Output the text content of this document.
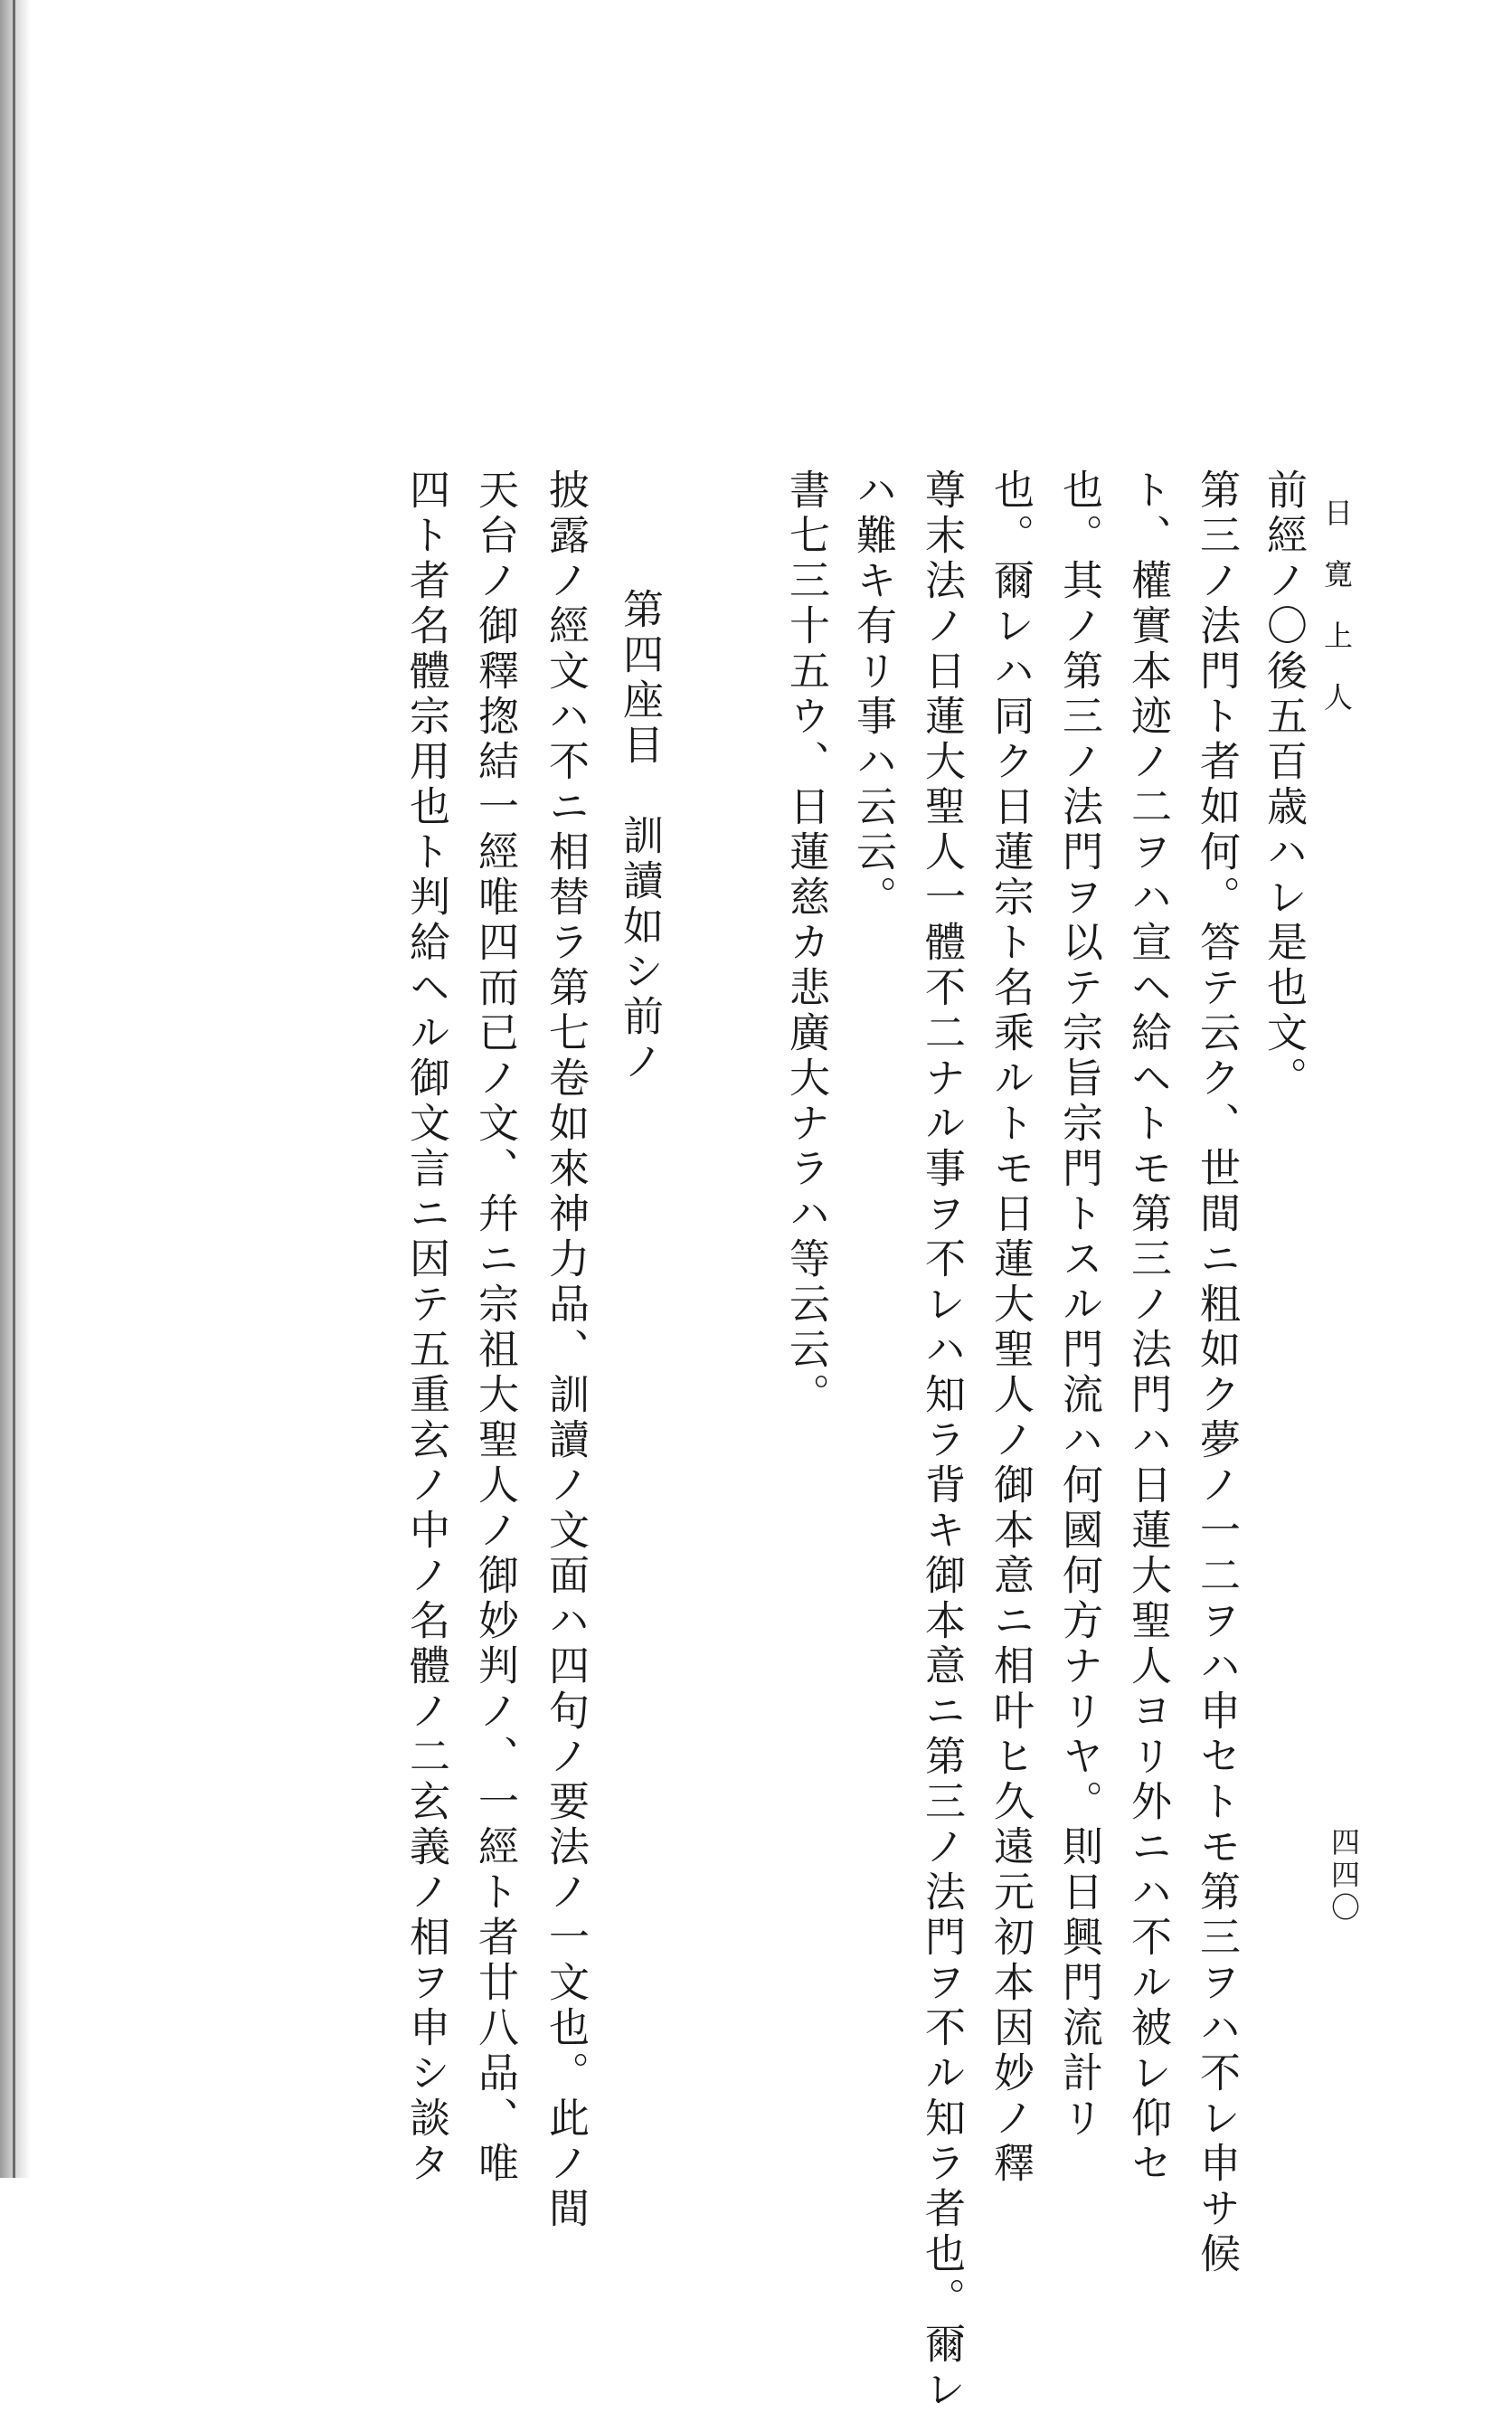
日寛上人
四四〇
前經ノ〇後五百歳ハレ是也文。
第三ノ法門ト者如何。答テ云ク、世間ニ粗如ク夢ノ一二ヲハ申セトモ第三ヲハ不レ申サ候
ト、權實本迹ノ二ヲハ宣ヘ給ヘトモ第三ノ法門ハ日蓮大聖人ヨリ外ニハ不ル被レ仰セ
也。其ノ第三ノ法門ヲ以テ宗旨宗門トスル門流ハ何國何方ナリヤ。則日興門流計リ
也。爾レハ同ク日蓮宗ト名乘ルトモ日蓮大聖人ノ御本意ニ相叶ヒ久遠元初本因妙ノ釋
尊末法ノ日蓮大聖人一體不二ナル事ヲ不レハ知ラ背キ御本意ニ第三ノ法門ヲ不ル知ラ者也。爾レ
ハ難キ有リ事ハ云云。
書七三十五ウ、日蓮慈カ悲廣大ナラハ等云云。
第四座目　訓讀如シ前ノ
披露ノ經文ハ不ニ相替ラ第七卷如來神力品、訓讀ノ文面ハ四句ノ要法ノ一文也。此ノ間
天台ノ御釋揔結一經唯四而已ノ文、幷ニ宗祖大聖人ノ御妙判ノ、一經ト者廿八品、唯
四ト者名體宗用也ト判給ヘル御文言ニ因テ五重玄ノ中ノ名體ノ二玄義ノ相ヲ申シ談タ
